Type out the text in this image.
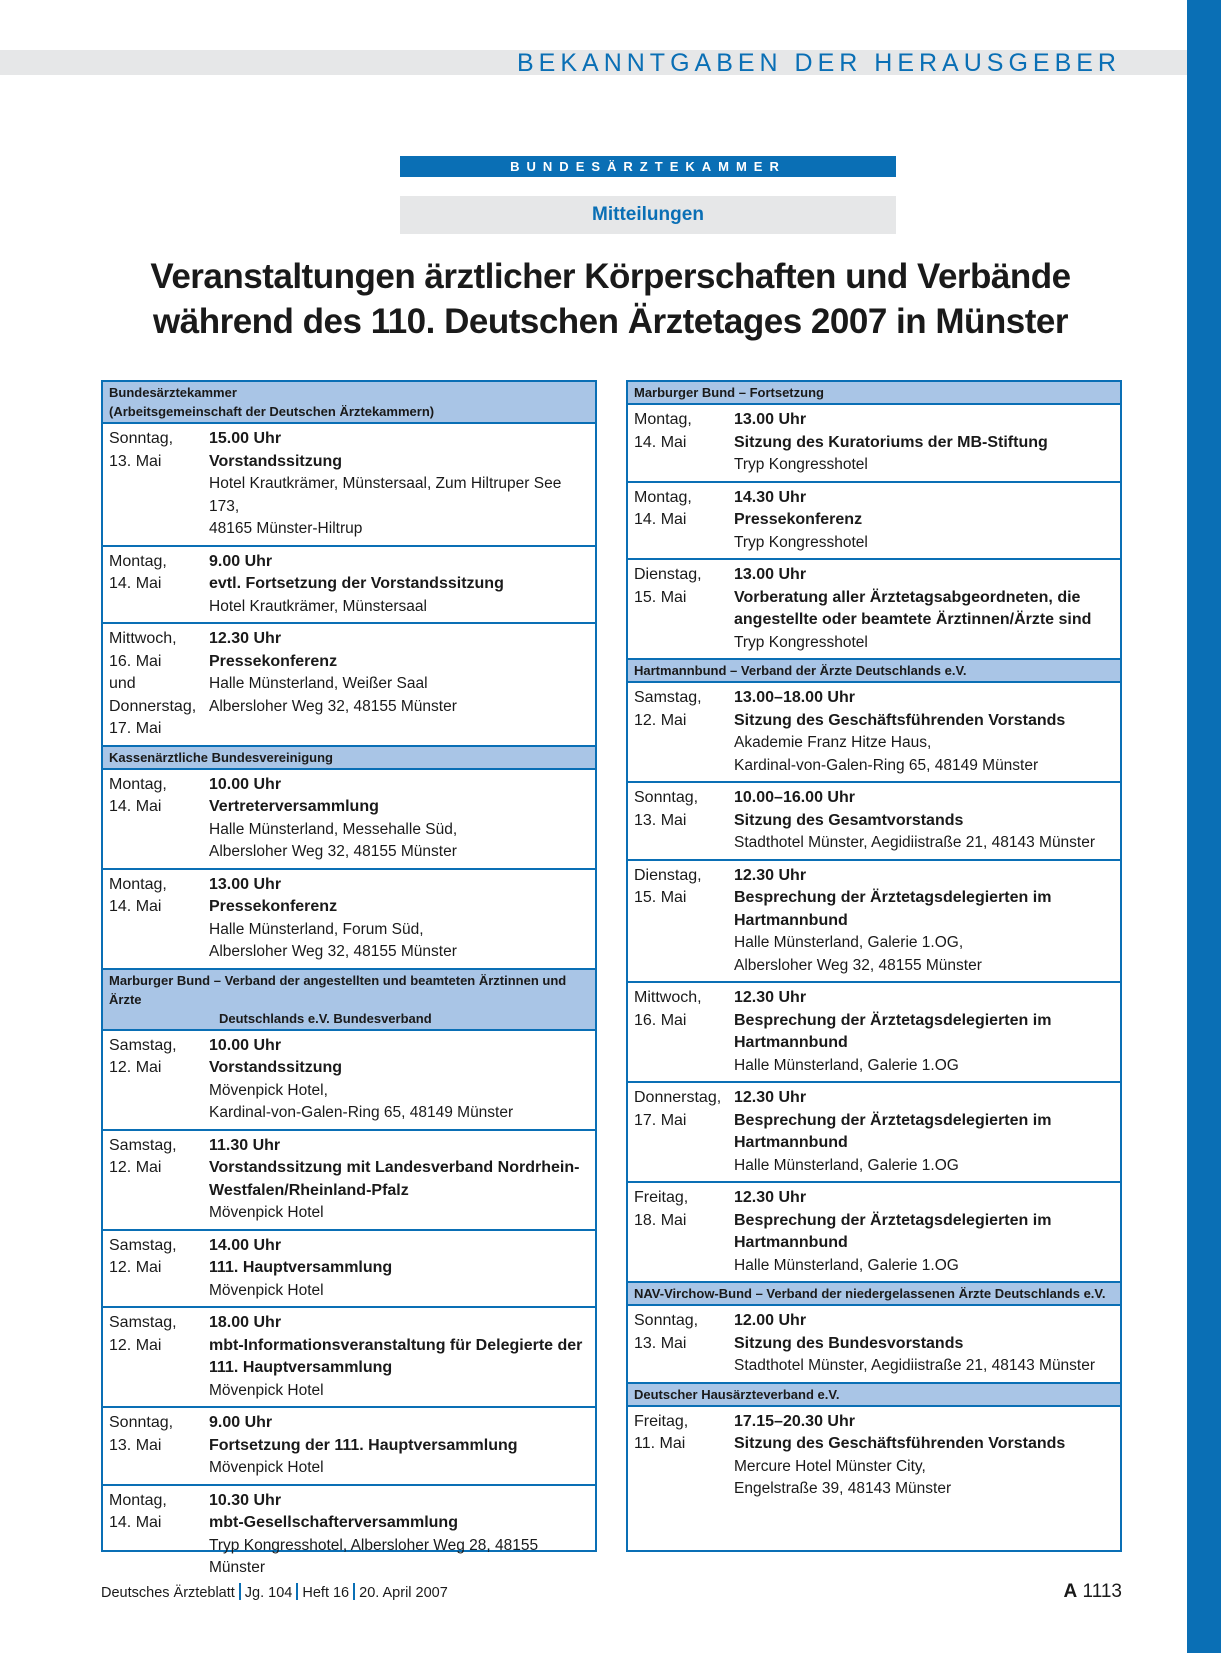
BEKANNTGABEN DER HERAUSGEBER
BUNDESÄRZTEKAMMER
Mitteilungen
Veranstaltungen ärztlicher Körperschaften und Verbände
während des 110. Deutschen Ärztetages 2007 in Münster
Bundesärztekammer
(Arbeitsgemeinschaft der Deutschen Ärztekammern)
Sonntag,
13. Mai
15.00 Uhr
Vorstandssitzung
Hotel Krautkrämer, Münstersaal, Zum Hiltruper See 173,
48165 Münster-Hiltrup
Montag,
14. Mai
9.00 Uhr
evtl. Fortsetzung der Vorstandssitzung
Hotel Krautkrämer, Münstersaal
Mittwoch,
16. Mai
und
Donnerstag,
17. Mai
12.30 Uhr
Pressekonferenz
Halle Münsterland, Weißer Saal
Albersloher Weg 32, 48155 Münster
Kassenärztliche Bundesvereinigung
Montag,
14. Mai
10.00 Uhr
Vertreterversammlung
Halle Münsterland, Messehalle Süd,
Albersloher Weg 32, 48155 Münster
Montag,
14. Mai
13.00 Uhr
Pressekonferenz
Halle Münsterland, Forum Süd,
Albersloher Weg 32, 48155 Münster
Marburger Bund – Verband der angestellten und beamteten Ärztinnen und Ärzte
Deutschlands e.V. Bundesverband
Samstag,
12. Mai
10.00 Uhr
Vorstandssitzung
Mövenpick Hotel,
Kardinal-von-Galen-Ring 65, 48149 Münster
Samstag,
12. Mai
11.30 Uhr
Vorstandssitzung mit Landesverband Nordrhein-Westfalen/Rheinland-Pfalz
Mövenpick Hotel
Samstag,
12. Mai
14.00 Uhr
111. Hauptversammlung
Mövenpick Hotel
Samstag,
12. Mai
18.00 Uhr
mbt-Informationsveranstaltung für Delegierte der 111. Hauptversammlung
Mövenpick Hotel
Sonntag,
13. Mai
9.00 Uhr
Fortsetzung der 111. Hauptversammlung
Mövenpick Hotel
Montag,
14. Mai
10.30 Uhr
mbt-Gesellschafterversammlung
Tryp Kongresshotel, Albersloher Weg 28, 48155 Münster
Marburger Bund – Fortsetzung
Montag,
14. Mai
13.00 Uhr
Sitzung des Kuratoriums der MB-Stiftung
Tryp Kongresshotel
Montag,
14. Mai
14.30 Uhr
Pressekonferenz
Tryp Kongresshotel
Dienstag,
15. Mai
13.00 Uhr
Vorberatung aller Ärztetagsabgeordneten, die angestellte oder beamtete Ärztinnen/Ärzte sind
Tryp Kongresshotel
Hartmannbund – Verband der Ärzte Deutschlands e.V.
Samstag,
12. Mai
13.00–18.00 Uhr
Sitzung des Geschäftsführenden Vorstands
Akademie Franz Hitze Haus,
Kardinal-von-Galen-Ring 65, 48149 Münster
Sonntag,
13. Mai
10.00–16.00 Uhr
Sitzung des Gesamtvorstands
Stadthotel Münster, Aegidiistraße 21, 48143 Münster
Dienstag,
15. Mai
12.30 Uhr
Besprechung der Ärztetagsdelegierten im Hartmannbund
Halle Münsterland, Galerie 1.OG,
Albersloher Weg 32, 48155 Münster
Mittwoch,
16. Mai
12.30 Uhr
Besprechung der Ärztetagsdelegierten im Hartmannbund
Halle Münsterland, Galerie 1.OG
Donnerstag,
17. Mai
12.30 Uhr
Besprechung der Ärztetagsdelegierten im Hartmannbund
Halle Münsterland, Galerie 1.OG
Freitag,
18. Mai
12.30 Uhr
Besprechung der Ärztetagsdelegierten im Hartmannbund
Halle Münsterland, Galerie 1.OG
NAV-Virchow-Bund – Verband der niedergelassenen Ärzte Deutschlands e.V.
Sonntag,
13. Mai
12.00 Uhr
Sitzung des Bundesvorstands
Stadthotel Münster, Aegidiistraße 21, 48143 Münster
Deutscher Hausärzteverband e.V.
Freitag,
11. Mai
17.15–20.30 Uhr
Sitzung des Geschäftsführenden Vorstands
Mercure Hotel Münster City,
Engelstraße 39, 48143 Münster
Deutsches Ärzteblatt Jg. 104 Heft 16 20. April 2007	A 1113
